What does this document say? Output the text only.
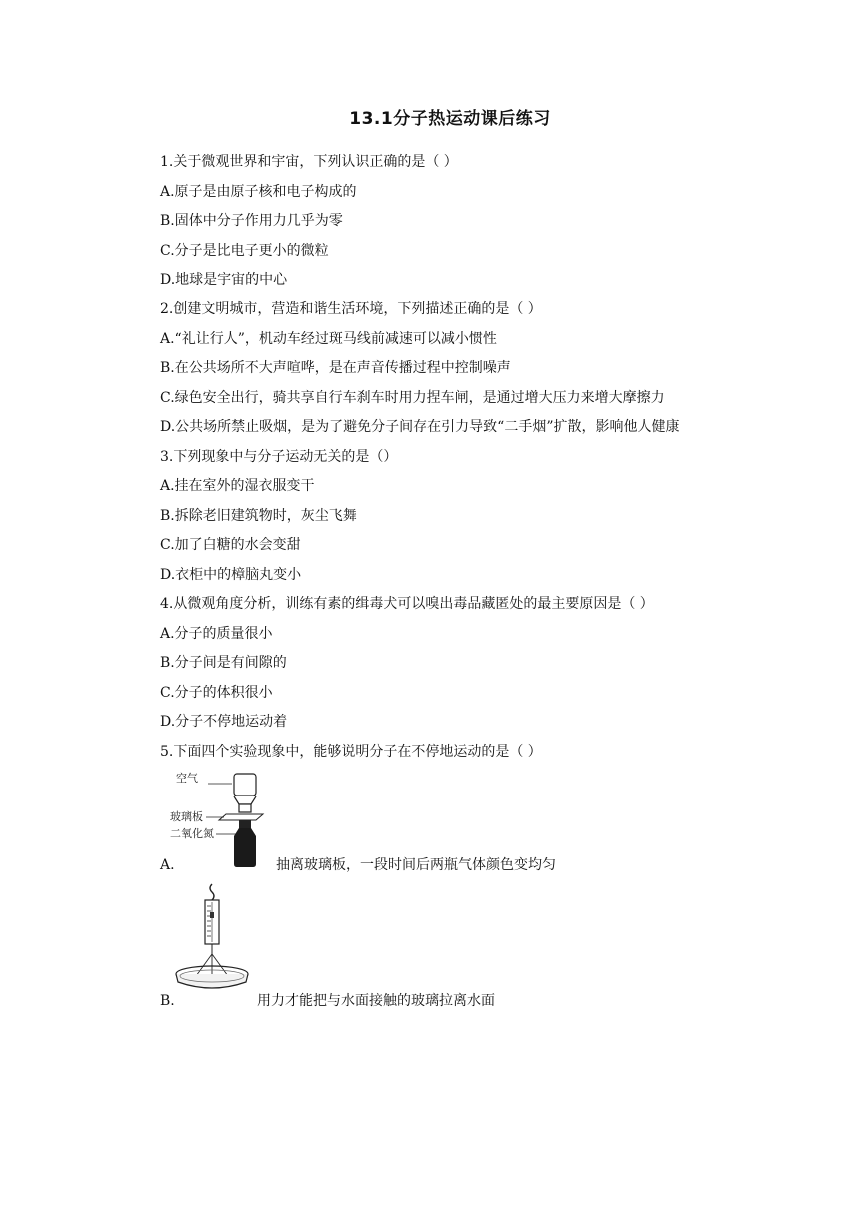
13.1分子热运动课后练习
1.关于微观世界和宇宙，下列认识正确的是（ ）
A.原子是由原子核和电子构成的
B.固体中分子作用力几乎为零
C.分子是比电子更小的微粒
D.地球是宇宙的中心
2.创建文明城市，营造和谐生活环境，下列描述正确的是（ ）
A.“礼让行人”，机动车经过斑马线前减速可以减小惯性
B.在公共场所不大声喧哗，是在声音传播过程中控制噪声
C.绿色安全出行，骑共享自行车刹车时用力捏车闸，是通过增大压力来增大摩擦力
D.公共场所禁止吸烟，是为了避免分子间存在引力导致“二手烟”扩散，影响他人健康
3.下列现象中与分子运动无关的是（）
A.挂在室外的湿衣服变干
B.拆除老旧建筑物时，灰尘飞舞
C.加了白糖的水会变甜
D.衣柜中的樟脑丸变小
4.从微观角度分析，训练有素的缉毒犬可以嗅出毒品藏匿处的最主要原因是（ ）
A.分子的质量很小
B.分子间是有间隙的
C.分子的体积很小
D.分子不停地运动着
5.下面四个实验现象中，能够说明分子在不停地运动的是（ ）
空气
玻璃板
二氧化氮
A.	抽离玻璃板，一段时间后两瓶气体颜色变均匀
B.	用力才能把与水面接触的玻璃拉离水面
